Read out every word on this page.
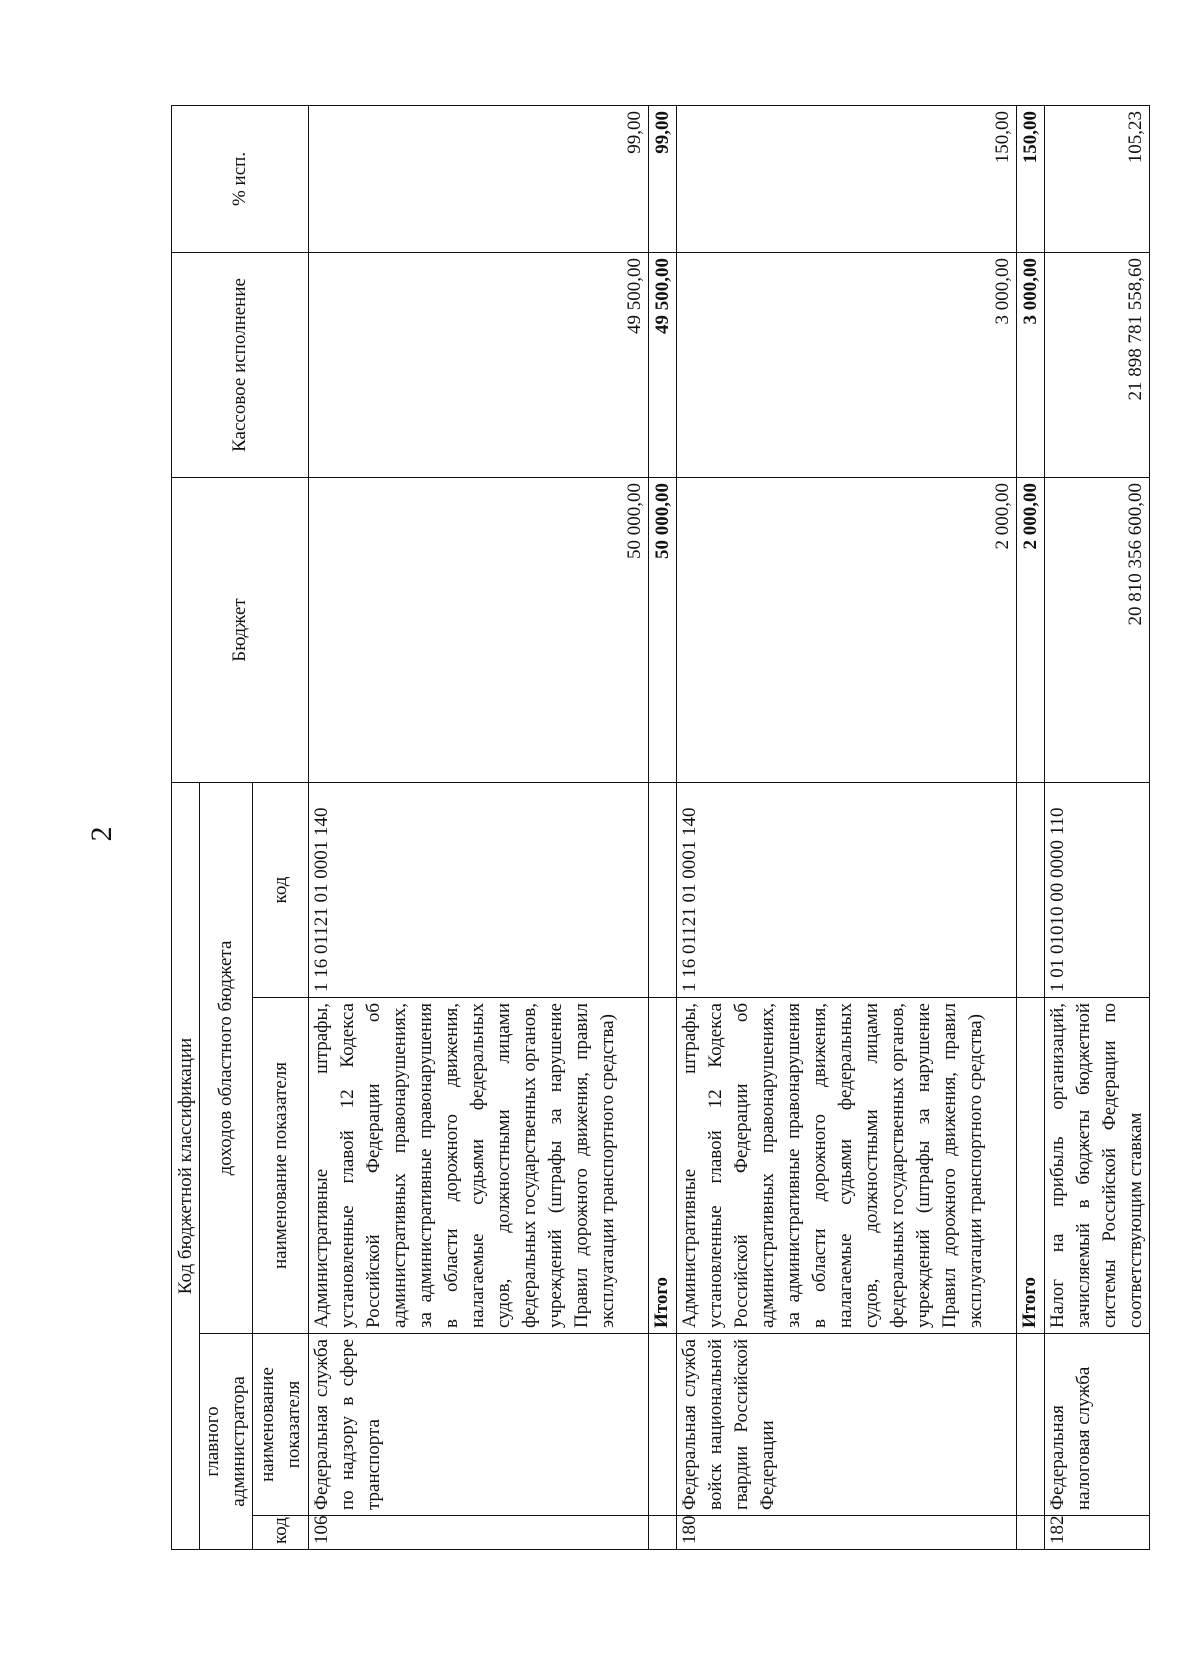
2
Код бюджетной классификации				Бюджет	Кассовое исполнение	% исп.
главного администратора		доходов областного бюджета				
код	наименование показателя	наименование показателя	код			
106	Федеральная служба по надзору в сфере транспорта	Административные штрафы, установленные главой 12 Кодекса Российской Федерации об административных правонарушениях, за административные правонарушения в области дорожного движения, налагаемые судьями федеральных судов, должностными лицами федеральных государственных органов, учреждений (штрафы за нарушение Правил дорожного движения, правил эксплуатации транспортного средства)	1 16 01121 01 0001 140	50 000,00	49 500,00	99,00
		Итого		50 000,00	49 500,00	99,00
180	Федеральная служба войск национальной гвардии Российской Федерации	Административные штрафы, установленные главой 12 Кодекса Российской Федерации об административных правонарушениях, за административные правонарушения в области дорожного движения, налагаемые судьями федеральных судов, должностными лицами федеральных государственных органов, учреждений (штрафы за нарушение Правил дорожного движения, правил эксплуатации транспортного средства)	1 16 01121 01 0001 140	2 000,00	3 000,00	150,00
		Итого		2 000,00	3 000,00	150,00
182	Федеральная налоговая служба	Налог на прибыль организаций, зачисляемый в бюджеты бюджетной системы Российской Федерации по соответствующим ставкам	1 01 01010 00 0000 110	20 810 356 600,00	21 898 781 558,60	105,23
